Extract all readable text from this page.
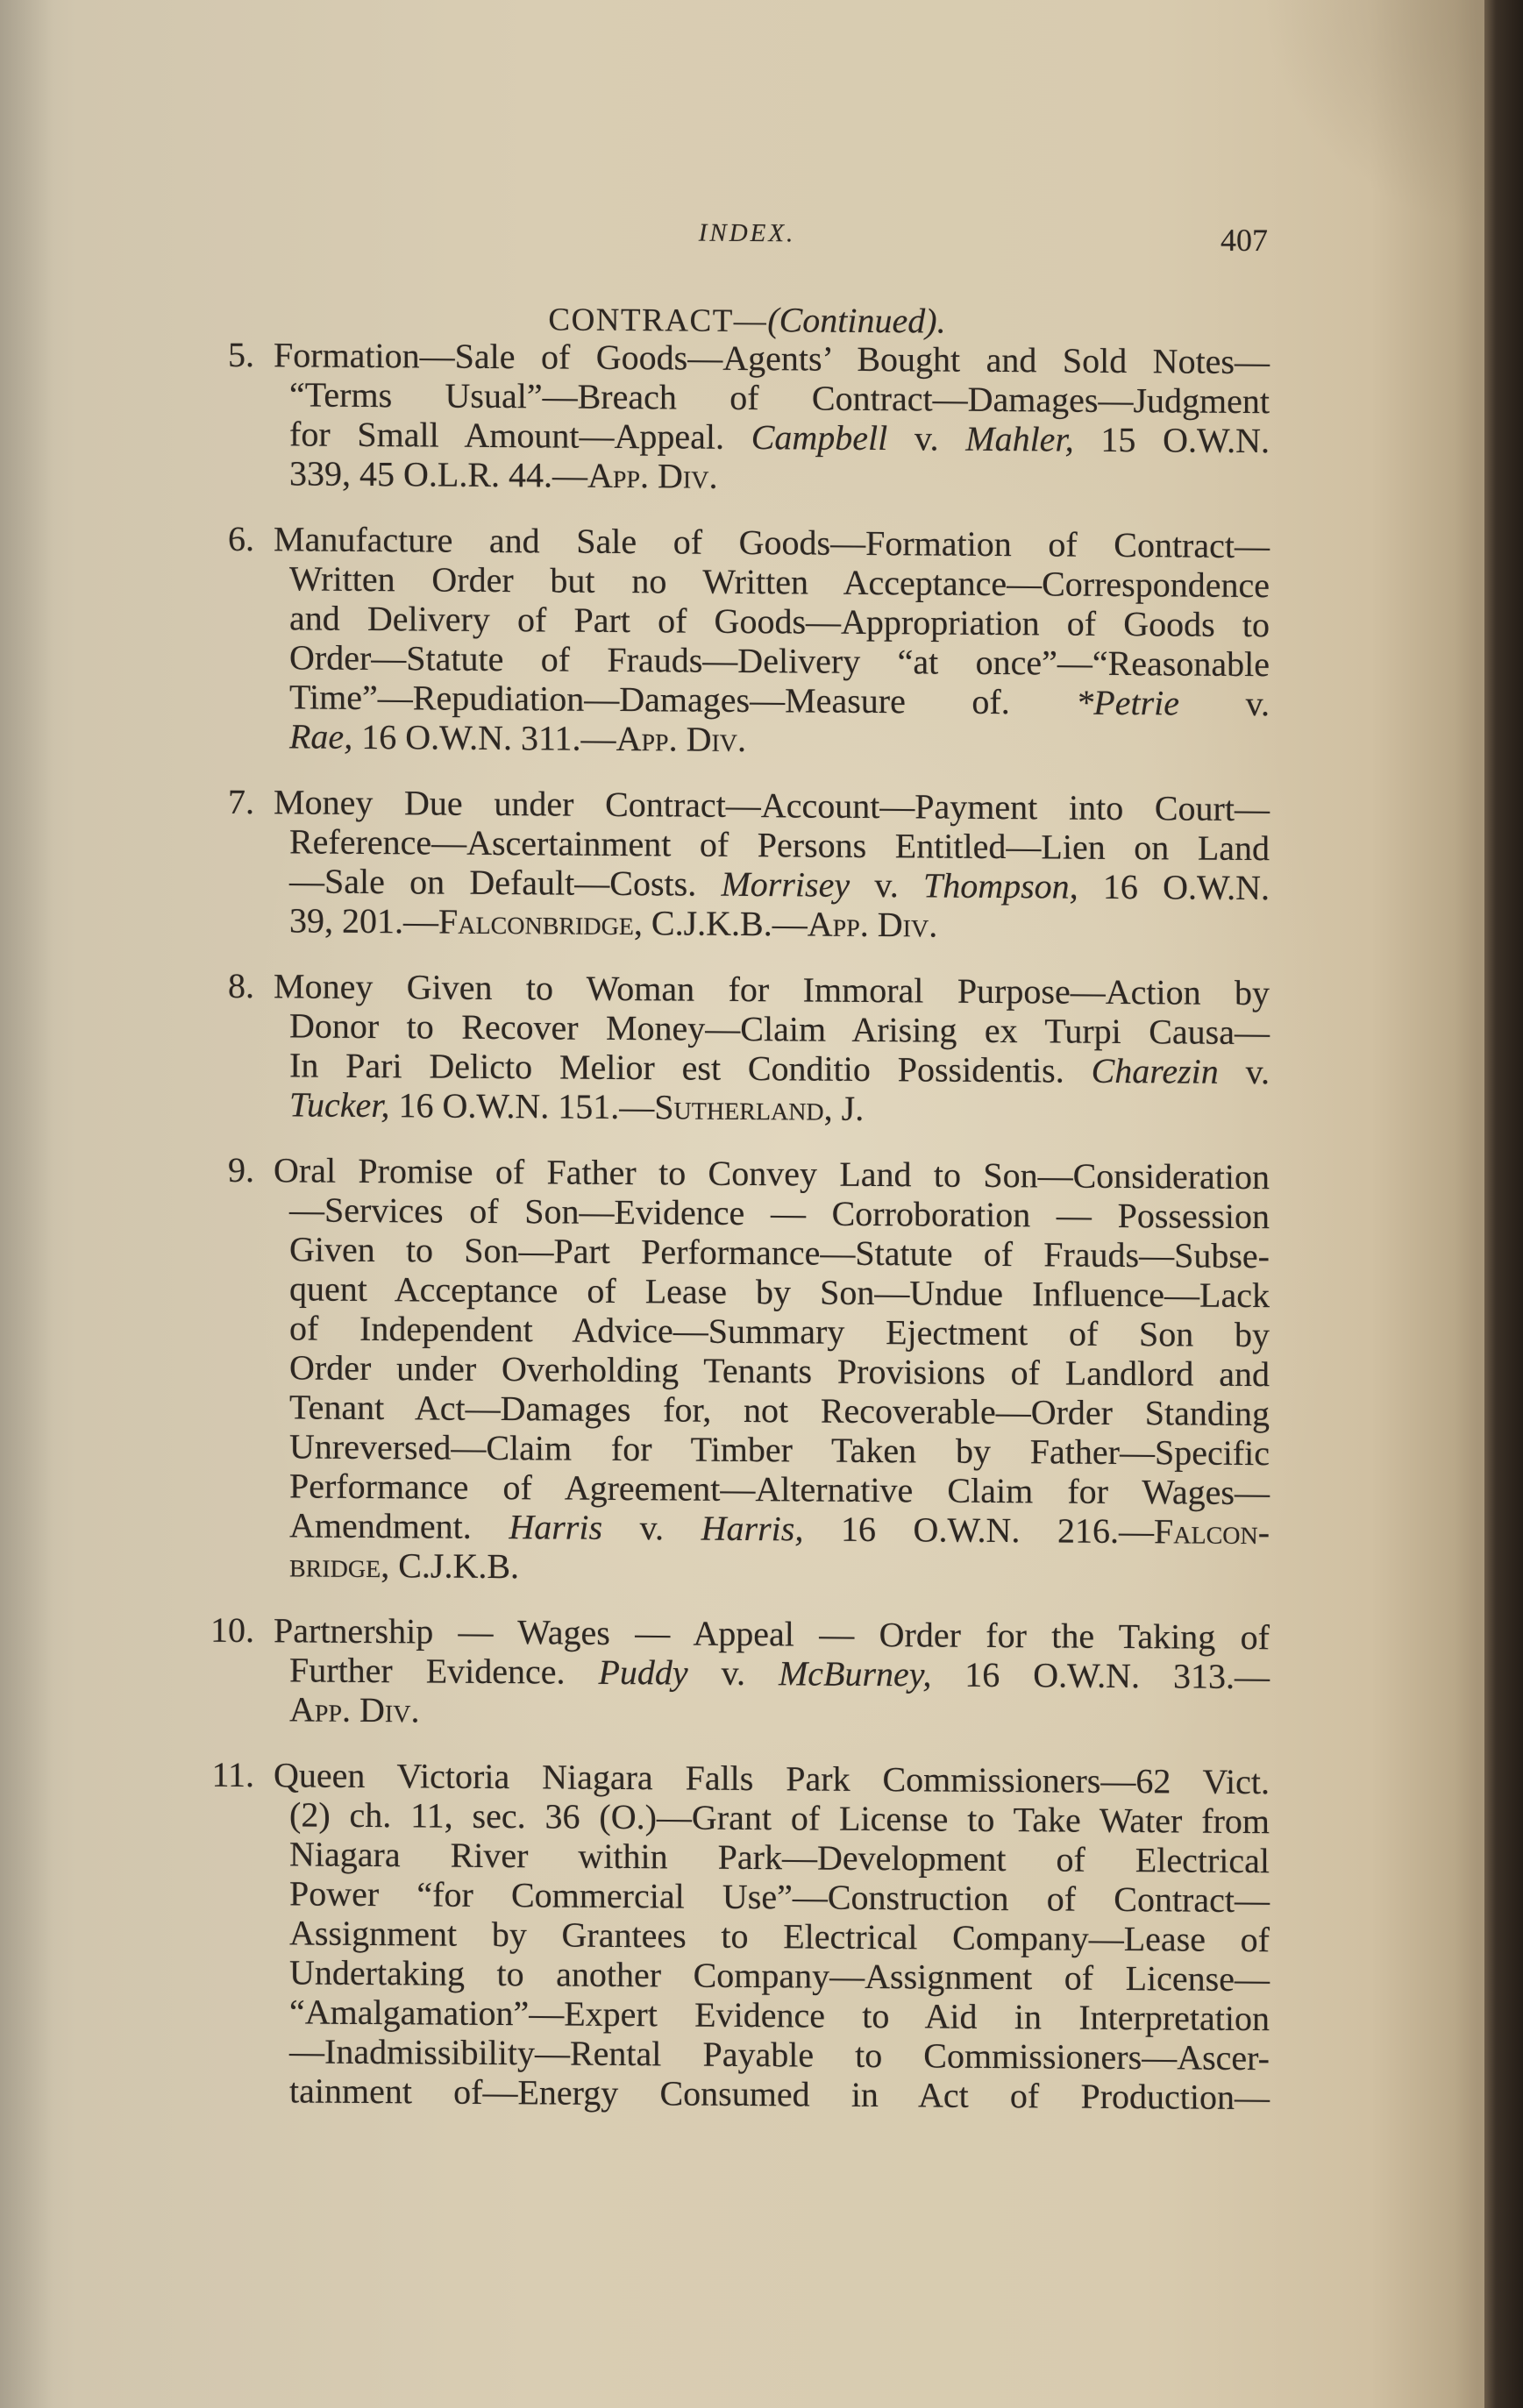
INDEX.	407
CONTRACT—(Continued).
5. Formation—Sale of Goods—Agents’ Bought and Sold Notes—
“Terms Usual”—Breach of Contract—Damages—Judgment
for Small Amount—Appeal. Campbell v. Mahler, 15 O.W.N.
339, 45 O.L.R. 44.—App. Div.
6. Manufacture and Sale of Goods—Formation of Contract—
Written Order but no Written Acceptance—Correspondence
and Delivery of Part of Goods—Appropriation of Goods to
Order—Statute of Frauds—Delivery “at once”—“Reasonable
Time”—Repudiation—Damages—Measure of. *Petrie v.
Rae, 16 O.W.N. 311.—App. Div.
7. Money Due under Contract—Account—Payment into Court—
Reference—Ascertainment of Persons Entitled—Lien on Land
—Sale on Default—Costs. Morrisey v. Thompson, 16 O.W.N.
39, 201.—Falconbridge, C.J.K.B.—App. Div.
8. Money Given to Woman for Immoral Purpose—Action by
Donor to Recover Money—Claim Arising ex Turpi Causa—
In Pari Delicto Melior est Conditio Possidentis. Charezin v.
Tucker, 16 O.W.N. 151.—Sutherland, J.
9. Oral Promise of Father to Convey Land to Son—Consideration
—Services of Son—Evidence — Corroboration — Possession
Given to Son—Part Performance—Statute of Frauds—Subse-
quent Acceptance of Lease by Son—Undue Influence—Lack
of Independent Advice—Summary Ejectment of Son by
Order under Overholding Tenants Provisions of Landlord and
Tenant Act—Damages for, not Recoverable—Order Standing
Unreversed—Claim for Timber Taken by Father—Specific
Performance of Agreement—Alternative Claim for Wages—
Amendment. Harris v. Harris, 16 O.W.N. 216.—Falcon-
bridge, C.J.K.B.
10. Partnership — Wages — Appeal — Order for the Taking of
Further Evidence. Puddy v. McBurney, 16 O.W.N. 313.—
App. Div.
11. Queen Victoria Niagara Falls Park Commissioners—62 Vict.
(2) ch. 11, sec. 36 (O.)—Grant of License to Take Water from
Niagara River within Park—Development of Electrical
Power “for Commercial Use”—Construction of Contract—
Assignment by Grantees to Electrical Company—Lease of
Undertaking to another Company—Assignment of License—
“Amalgamation”—Expert Evidence to Aid in Interpretation
—Inadmissibility—Rental Payable to Commissioners—Ascer-
tainment of—Energy Consumed in Act of Production—
